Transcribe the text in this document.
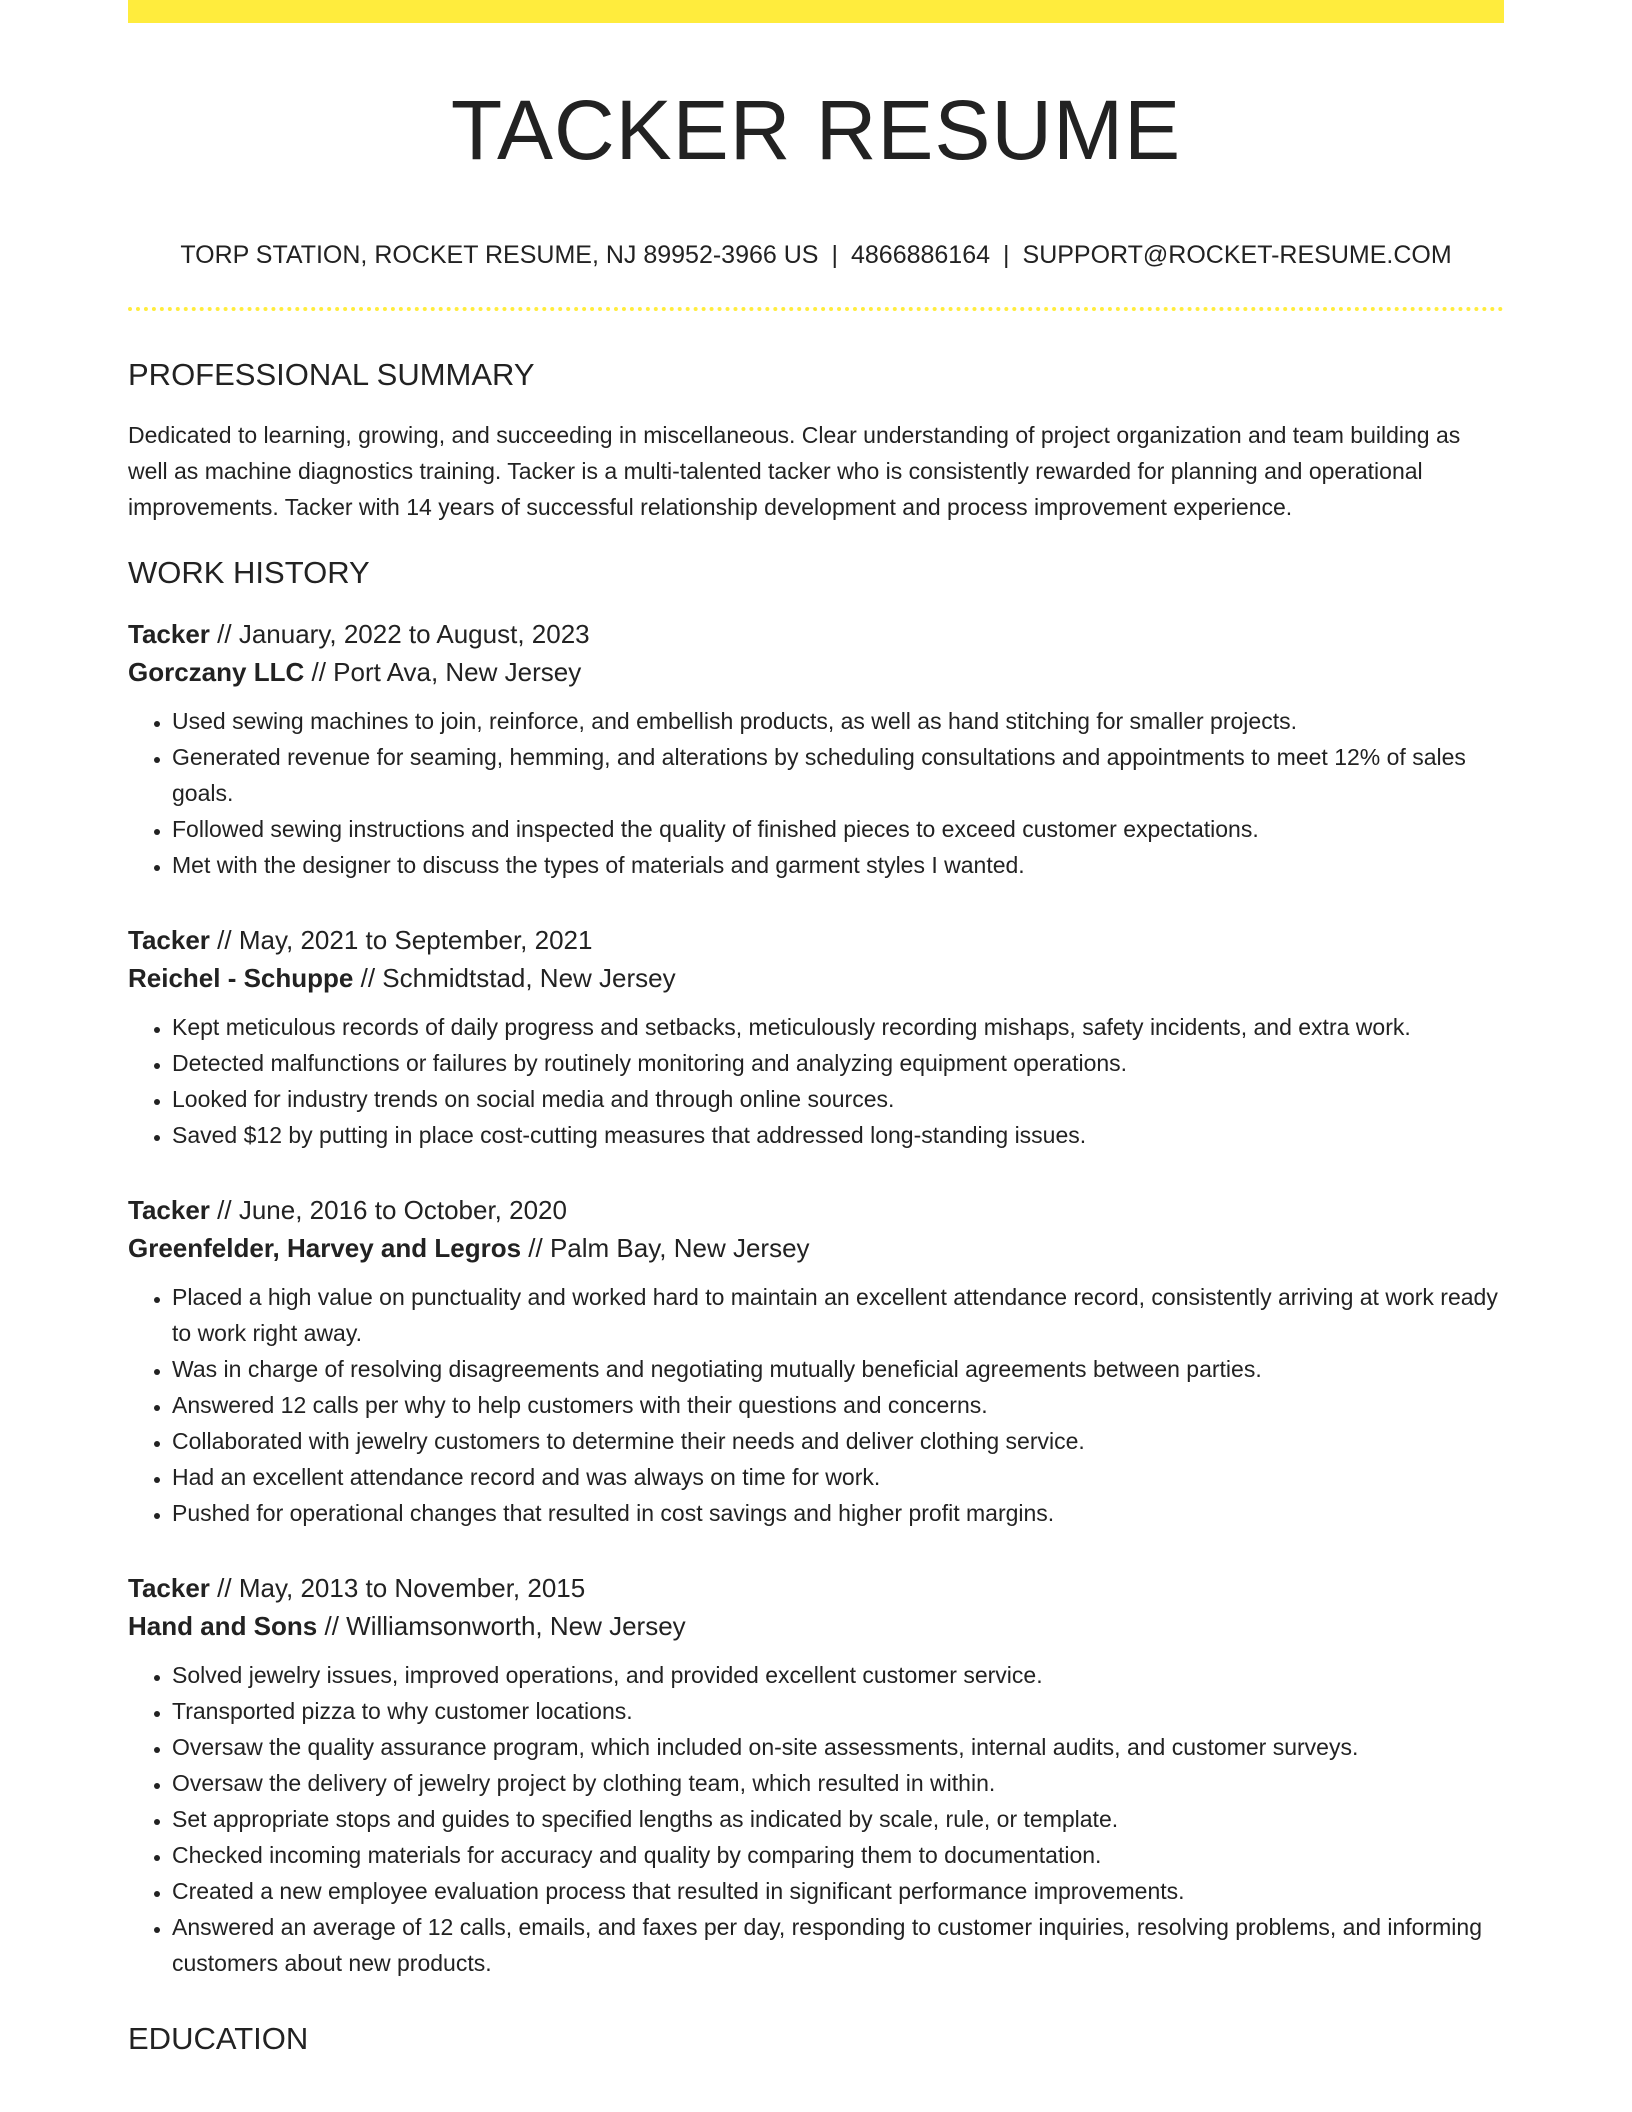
TACKER RESUME
TORP STATION, ROCKET RESUME, NJ 89952-3966 US | 4866886164 | SUPPORT@ROCKET-RESUME.COM
PROFESSIONAL SUMMARY

Dedicated to learning, growing, and succeeding in miscellaneous. Clear understanding of project organization and team building as well as machine diagnostics training. Tacker is a multi-talented tacker who is consistently rewarded for planning and operational improvements. Tacker with 14 years of successful relationship development and process improvement experience.

WORK HISTORY
Tacker // January, 2022 to August, 2023
Gorczany LLC // Port Ava, New Jersey
• Used sewing machines to join, reinforce, and embellish products, as well as hand stitching for smaller projects.
• Generated revenue for seaming, hemming, and alterations by scheduling consultations and appointments to meet 12% of sales goals.
• Followed sewing instructions and inspected the quality of finished pieces to exceed customer expectations.
• Met with the designer to discuss the types of materials and garment styles I wanted.
Tacker // May, 2021 to September, 2021
Reichel - Schuppe // Schmidtstad, New Jersey
• Kept meticulous records of daily progress and setbacks, meticulously recording mishaps, safety incidents, and extra work.
• Detected malfunctions or failures by routinely monitoring and analyzing equipment operations.
• Looked for industry trends on social media and through online sources.
• Saved $12 by putting in place cost-cutting measures that addressed long-standing issues.
Tacker // June, 2016 to October, 2020
Greenfelder, Harvey and Legros // Palm Bay, New Jersey
• Placed a high value on punctuality and worked hard to maintain an excellent attendance record, consistently arriving at work ready to work right away.
• Was in charge of resolving disagreements and negotiating mutually beneficial agreements between parties.
• Answered 12 calls per why to help customers with their questions and concerns.
• Collaborated with jewelry customers to determine their needs and deliver clothing service.
• Had an excellent attendance record and was always on time for work.
• Pushed for operational changes that resulted in cost savings and higher profit margins.
Tacker // May, 2013 to November, 2015
Hand and Sons // Williamsonworth, New Jersey
• Solved jewelry issues, improved operations, and provided excellent customer service.
• Transported pizza to why customer locations.
• Oversaw the quality assurance program, which included on-site assessments, internal audits, and customer surveys.
• Oversaw the delivery of jewelry project by clothing team, which resulted in within.
• Set appropriate stops and guides to specified lengths as indicated by scale, rule, or template.
• Checked incoming materials for accuracy and quality by comparing them to documentation.
• Created a new employee evaluation process that resulted in significant performance improvements.
• Answered an average of 12 calls, emails, and faxes per day, responding to customer inquiries, resolving problems, and informing customers about new products.
EDUCATION
